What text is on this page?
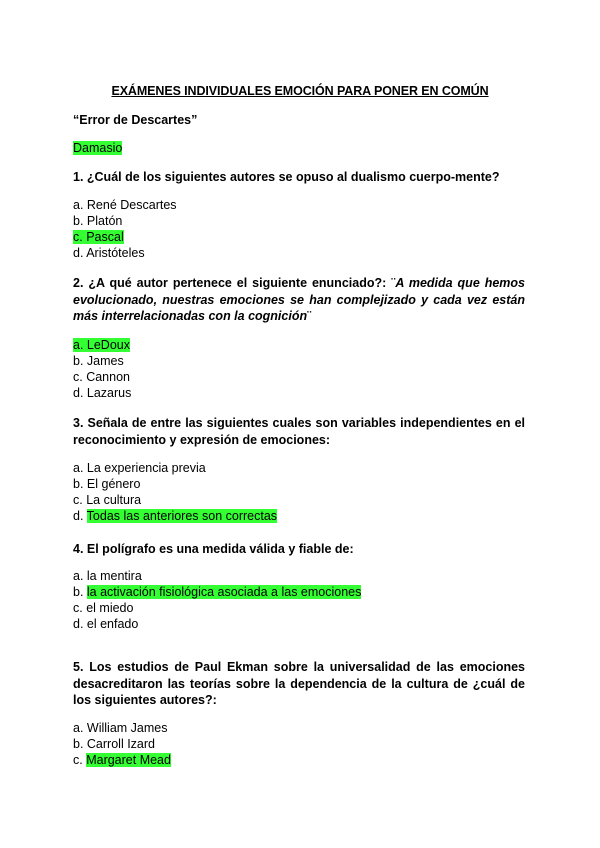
EXÁMENES INDIVIDUALES EMOCIÓN PARA PONER EN COMÚN
“Error de Descartes”
Damasio
1. ¿Cuál de los siguientes autores se opuso al dualismo cuerpo-mente?
a. René Descartes
b. Platón
c. Pascal
d. Aristóteles
2. ¿A qué autor pertenece el siguiente enunciado?: ¨A medida que hemos evolucionado, nuestras emociones se han complejizado y cada vez están más interrelacionadas con la cognición¨
a. LeDoux
b. James
c. Cannon
d. Lazarus
3. Señala de entre las siguientes cuales son variables independientes en el reconocimiento y expresión de emociones:
a. La experiencia previa
b. El género
c. La cultura
d. Todas las anteriores son correctas
4. El polígrafo es una medida válida y fiable de:
a. la mentira
b. la activación fisiológica asociada a las emociones
c. el miedo
d. el enfado
5. Los estudios de Paul Ekman sobre la universalidad de las emociones desacreditaron las teorías sobre la dependencia de la cultura de ¿cuál de los siguientes autores?:
a. William James
b. Carroll Izard
c. Margaret Mead
